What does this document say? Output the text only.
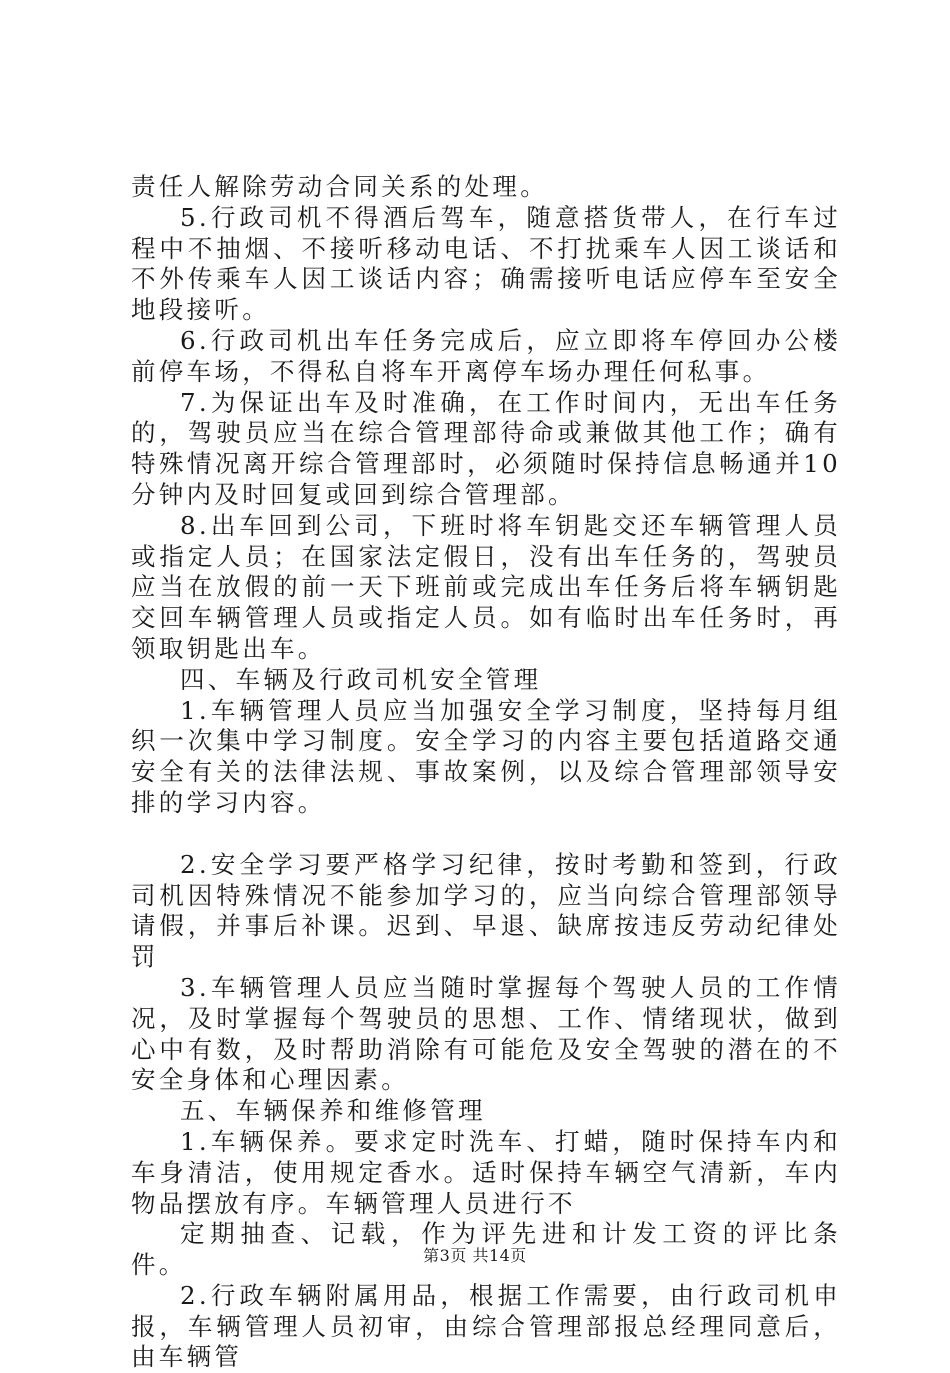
责任人解除劳动合同关系的处理。

5.行政司机不得酒后驾车，随意搭货带人，在行车过程中不抽烟、不接听移动电话、不打扰乘车人因工谈话和不外传乘车人因工谈话内容；确需接听电话应停车至安全地段接听。

6.行政司机出车任务完成后，应立即将车停回办公楼前停车场，不得私自将车开离停车场办理任何私事。

7.为保证出车及时准确，在工作时间内，无出车任务的，驾驶员应当在综合管理部待命或兼做其他工作；确有特殊情况离开综合管理部时，必须随时保持信息畅通并10分钟内及时回复或回到综合管理部。

8.出车回到公司，下班时将车钥匙交还车辆管理人员或指定人员；在国家法定假日，没有出车任务的，驾驶员应当在放假的前一天下班前或完成出车任务后将车辆钥匙交回车辆管理人员或指定人员。如有临时出车任务时，再领取钥匙出车。

四、车辆及行政司机安全管理

1.车辆管理人员应当加强安全学习制度，坚持每月组织一次集中学习制度。安全学习的内容主要包括道路交通安全有关的法律法规、事故案例，以及综合管理部领导安排的学习内容。

2.安全学习要严格学习纪律，按时考勤和签到，行政司机因特殊情况不能参加学习的，应当向综合管理部领导请假，并事后补课。迟到、早退、缺席按违反劳动纪律处罚

3.车辆管理人员应当随时掌握每个驾驶人员的工作情况，及时掌握每个驾驶员的思想、工作、情绪现状，做到心中有数，及时帮助消除有可能危及安全驾驶的潜在的不安全身体和心理因素。

五、车辆保养和维修管理

1.车辆保养。要求定时洗车、打蜡，随时保持车内和车身清洁，使用规定香水。适时保持车辆空气清新，车内物品摆放有序。车辆管理人员进行不

定期抽查、记载，作为评先进和计发工资的评比条件。

2.行政车辆附属用品，根据工作需要，由行政司机申报，车辆管理人员初审，由综合管理部报总经理同意后，由车辆管

第3页 共14页
